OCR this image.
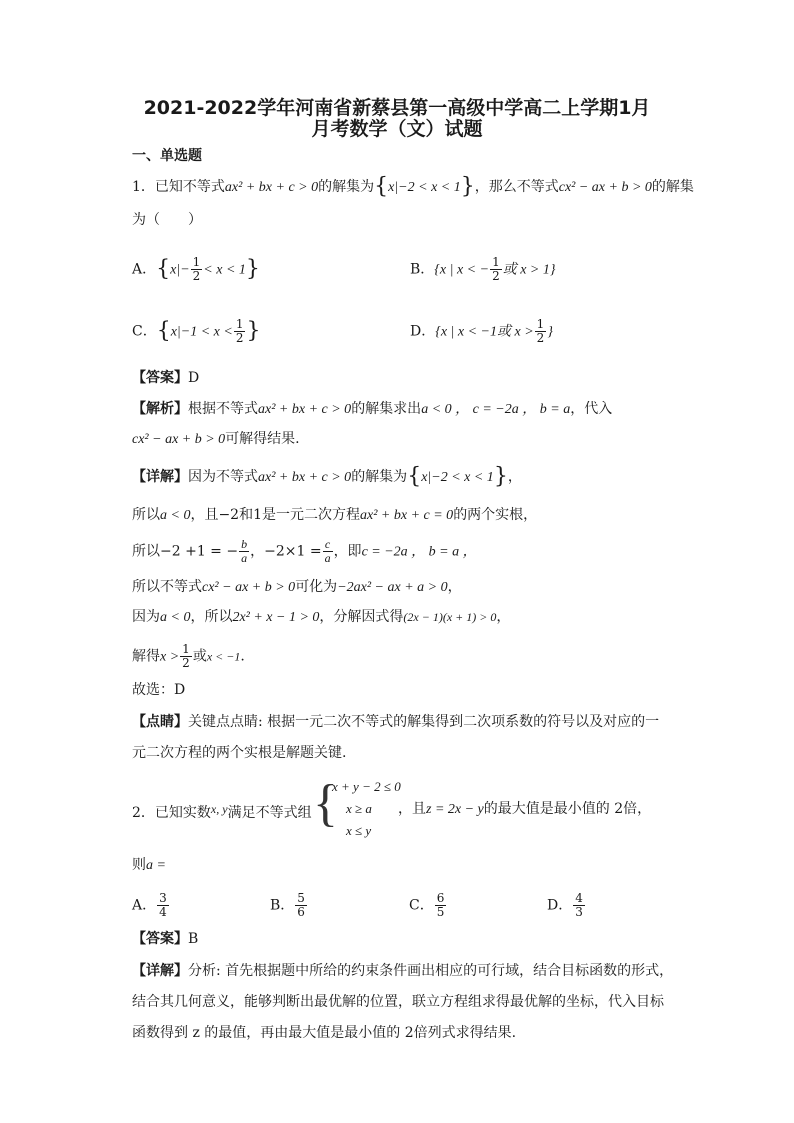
2021-2022学年河南省新蔡县第一高级中学高二上学期1月
月考数学（文）试题
一、单选题
1．已知不等式ax² + bx + c > 0的解集为{x|−2 < x < 1}，那么不等式cx² − ax + b > 0的解集
为（　　）
A．$\{x|- \frac{1}{2} < x < 1\}$	B．{x | x < − $\frac{1}{2}$ 或 x > 1}
C．{$x|-1 < x < \frac{1}{2}$ }	D．{x | x < −1或 $x > \frac{1}{2}$ }
【答案】D
【解析】根据不等式ax² + bx + c > 0的解集求出a < 0 ， c = −2a ， b = a，代入
cx² − ax + b > 0可解得结果.
【详解】因为不等式ax² + bx + c > 0的解集为{x|−2 < x < 1}，
所以a < 0，且−2和1是一元二次方程ax² + bx + c = 0的两个实根，
所以−2 +1 = − $\frac{b}{a}$ ，$-2\times 1 = \frac{c}{a}$ ，即c = −2a ， b = a ，
所以不等式cx² − ax + b > 0可化为−2ax² − ax + a > 0，
因为a < 0，所以2x² + x − 1 > 0，分解因式得(2x − 1)(x + 1) > 0，
解得$x > \frac{1}{2}$ 或x < −1.
故选：D
【点睛】关键点点睛: 根据一元二次不等式的解集得到二次项系数的符号以及对应的一
元二次方程的两个实根是解题关键.
2．已知实数x, y满足不等式组 {
x + y − 2 ≤ 0
x ≥ a
x ≤ y
，且z = 2x − y的最大值是最小值的 2倍，
则a =
A． $\frac{3}{4}$	B． $\frac{5}{6}$	C． $\frac{6}{5}$	D． $\frac{4}{3}$
【答案】B
【详解】分析: 首先根据题中所给的约束条件画出相应的可行域，结合目标函数的形式，
结合其几何意义，能够判断出最优解的位置，联立方程组求得最优解的坐标，代入目标
函数得到 z 的最值，再由最大值是最小值的 2倍列式求得结果.
